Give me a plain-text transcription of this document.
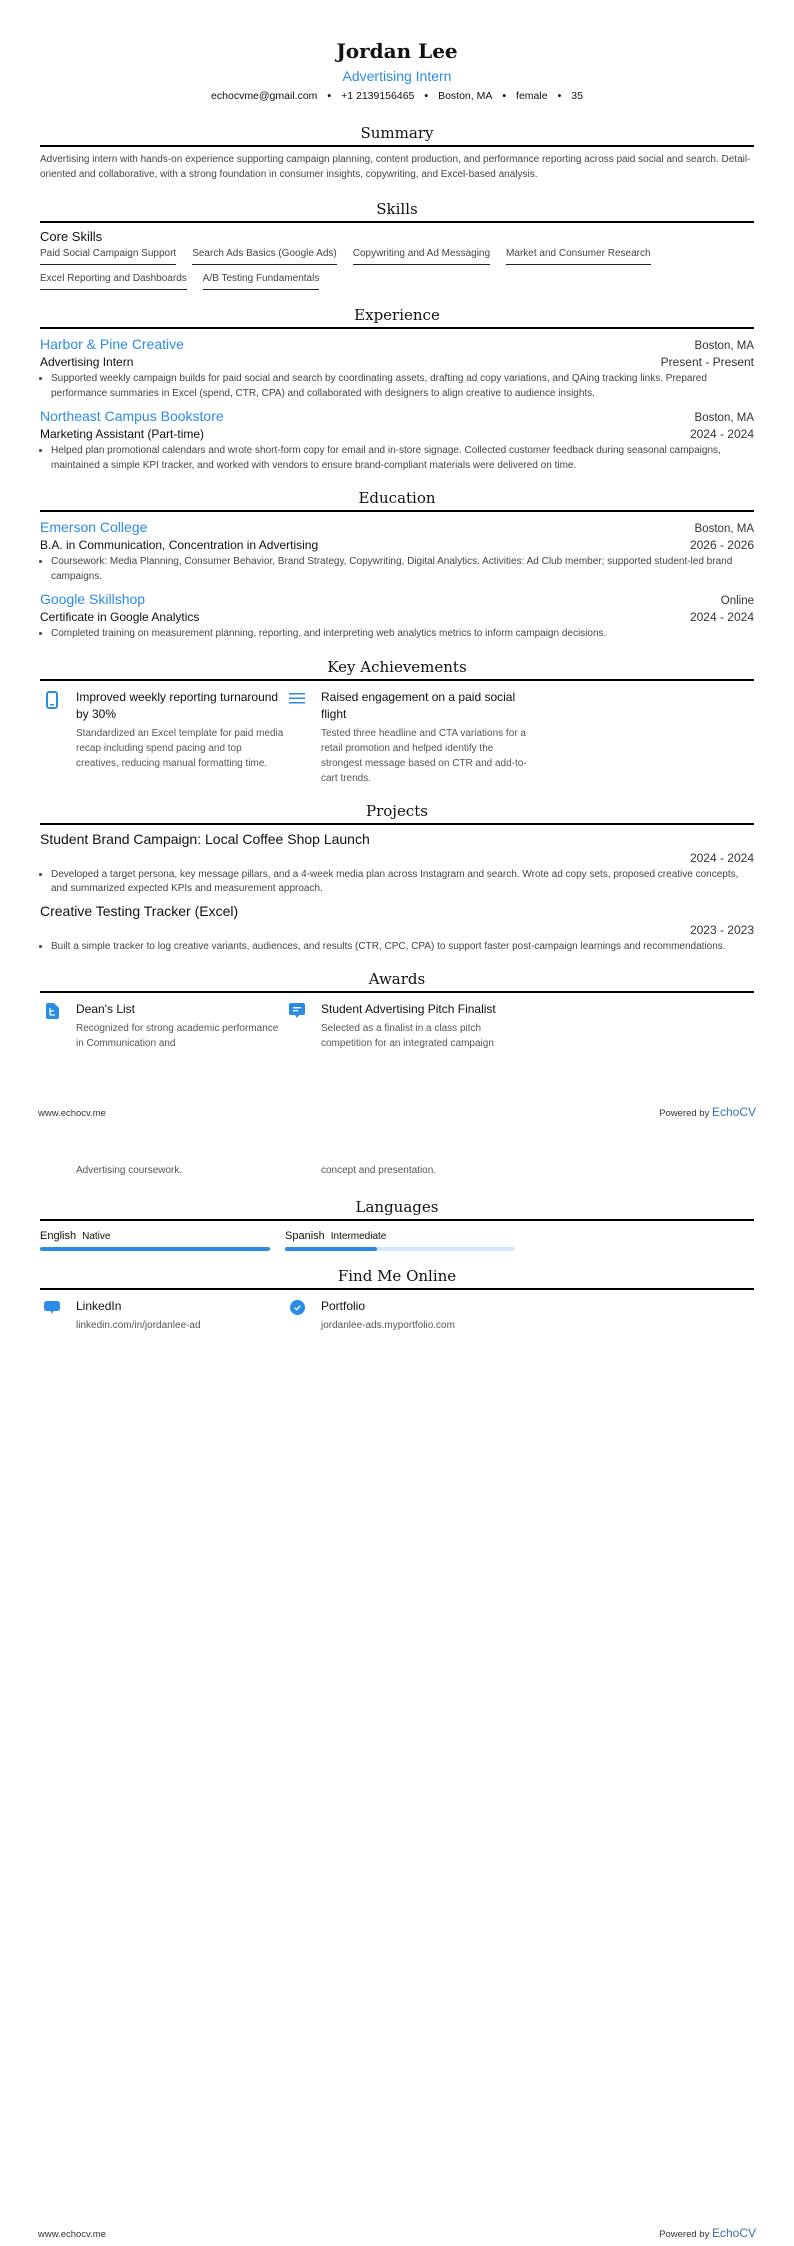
Jordan Lee
Advertising Intern
echocvme@gmail.com • +1 2139156465 • Boston, MA • female • 35
Summary
Advertising intern with hands-on experience supporting campaign planning, content production, and performance reporting across paid social and search. Detail-oriented and collaborative, with a strong foundation in consumer insights, copywriting, and Excel-based analysis.
Skills
Core Skills
Paid Social Campaign Support Search Ads Basics (Google Ads) Copywriting and Ad Messaging Market and Consumer Research
Excel Reporting and Dashboards A/B Testing Fundamentals
Experience
Harbor & Pine Creative	Boston, MA
Advertising Intern	Present - Present
• Supported weekly campaign builds for paid social and search by coordinating assets, drafting ad copy variations, and QAing tracking links. Prepared performance summaries in Excel (spend, CTR, CPA) and collaborated with designers to align creative to audience insights.
Northeast Campus Bookstore	Boston, MA
Marketing Assistant (Part-time)	2024 - 2024
• Helped plan promotional calendars and wrote short-form copy for email and in-store signage. Collected customer feedback during seasonal campaigns, maintained a simple KPI tracker, and worked with vendors to ensure brand-compliant materials were delivered on time.
Education
Emerson College	Boston, MA
B.A. in Communication, Concentration in Advertising	2026 - 2026
• Coursework: Media Planning, Consumer Behavior, Brand Strategy, Copywriting, Digital Analytics. Activities: Ad Club member; supported student-led brand campaigns.
Google Skillshop	Online
Certificate in Google Analytics	2024 - 2024
• Completed training on measurement planning, reporting, and interpreting web analytics metrics to inform campaign decisions.
Key Achievements
Improved weekly reporting turnaround by 30%
Standardized an Excel template for paid media recap including spend pacing and top creatives, reducing manual formatting time.
Raised engagement on a paid social flight
Tested three headline and CTA variations for a retail promotion and helped identify the strongest message based on CTR and add-to-cart trends.
Projects
Student Brand Campaign: Local Coffee Shop Launch
2024 - 2024
• Developed a target persona, key message pillars, and a 4-week media plan across Instagram and search. Wrote ad copy sets, proposed creative concepts, and summarized expected KPIs and measurement approach.
Creative Testing Tracker (Excel)
2023 - 2023
• Built a simple tracker to log creative variants, audiences, and results (CTR, CPC, CPA) to support faster post-campaign learnings and recommendations.
Awards
Dean's List
Recognized for strong academic performance in Communication and
Student Advertising Pitch Finalist
Selected as a finalist in a class pitch competition for an integrated campaign
www.echocv.me	Powered by EchoCV
Advertising coursework.	concept and presentation.
Languages
English Native	Spanish Intermediate
Find Me Online
LinkedIn
linkedin.com/in/jordanlee-ad
Portfolio
jordanlee-ads.myportfolio.com
www.echocv.me	Powered by EchoCV
